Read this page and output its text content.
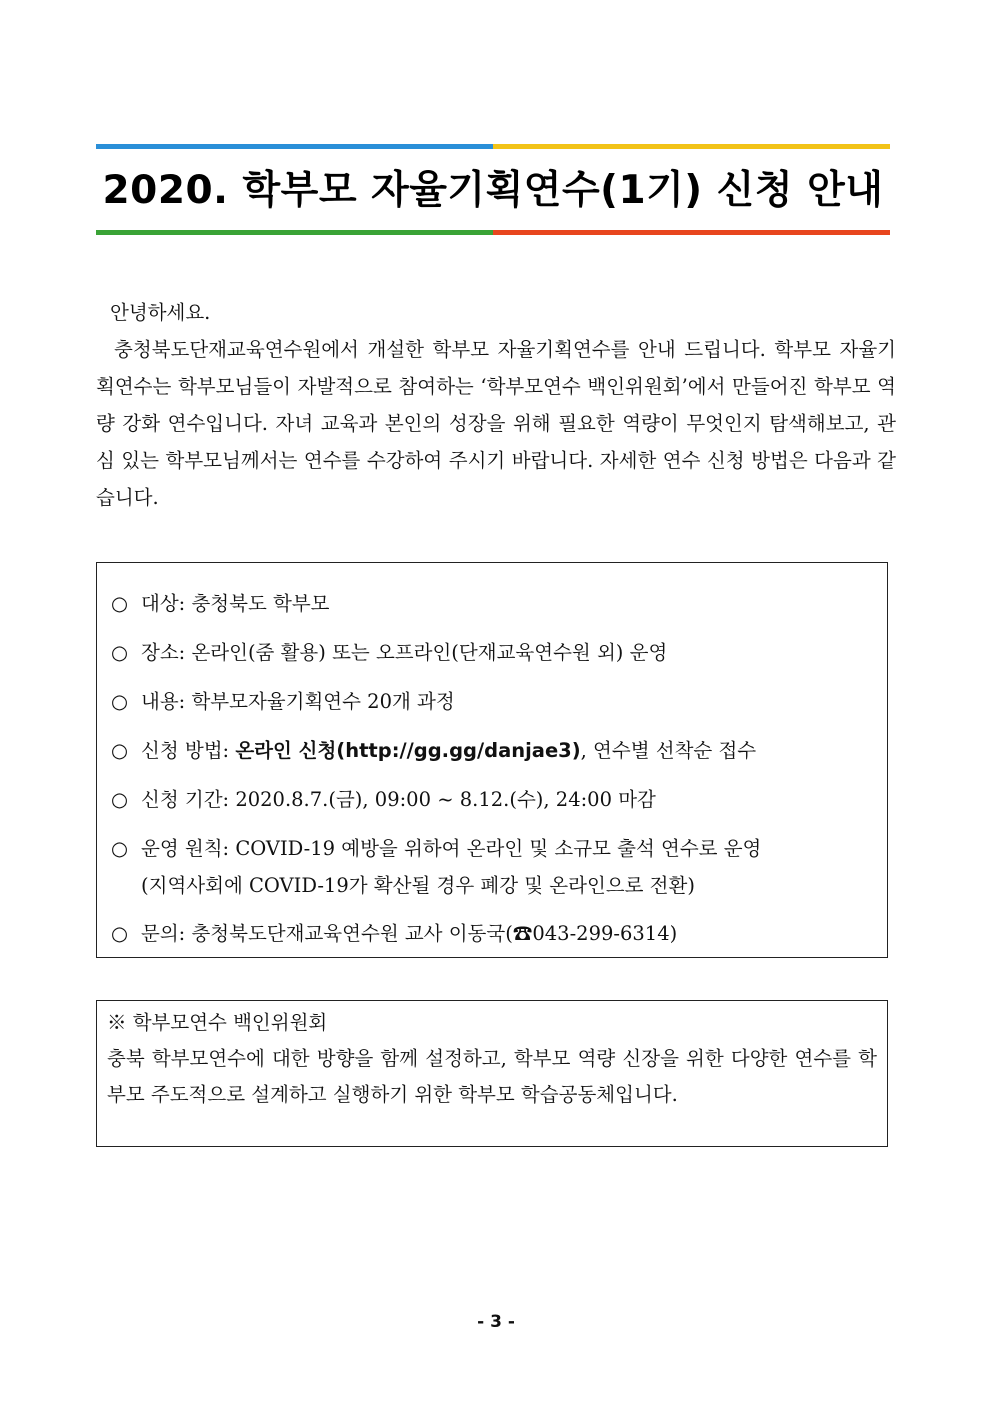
2020. 학부모 자율기획연수(1기) 신청 안내

안녕하세요.

충청북도단재교육연수원에서 개설한 학부모 자율기획연수를 안내 드립니다. 학부모 자율기획연수는 학부모님들이 자발적으로 참여하는 ‘학부모연수 백인위원회’에서 만들어진 학부모 역량 강화 연수입니다. 자녀 교육과 본인의 성장을 위해 필요한 역량이 무엇인지 탐색해보고, 관심 있는 학부모님께서는 연수를 수강하여 주시기 바랍니다. 자세한 연수 신청 방법은 다음과 같습니다.

○ 대상: 충청북도 학부모
○ 장소: 온라인(줌 활용) 또는 오프라인(단재교육연수원 외) 운영
○ 내용: 학부모자율기획연수 20개 과정
○ 신청 방법: 온라인 신청(http://gg.gg/danjae3), 연수별 선착순 접수
○ 신청 기간: 2020.8.7.(금), 09:00 ~ 8.12.(수), 24:00 마감
○ 운영 원칙: COVID-19 예방을 위하여 온라인 및 소규모 출석 연수로 운영
(지역사회에 COVID-19가 확산될 경우 폐강 및 온라인으로 전환)
○ 문의: 충청북도단재교육연수원 교사 이동국(☎043-299-6314)

※ 학부모연수 백인위원회

충북 학부모연수에 대한 방향을 함께 설정하고, 학부모 역량 신장을 위한 다양한 연수를 학부모 주도적으로 설계하고 실행하기 위한 학부모 학습공동체입니다.

- 3 -
